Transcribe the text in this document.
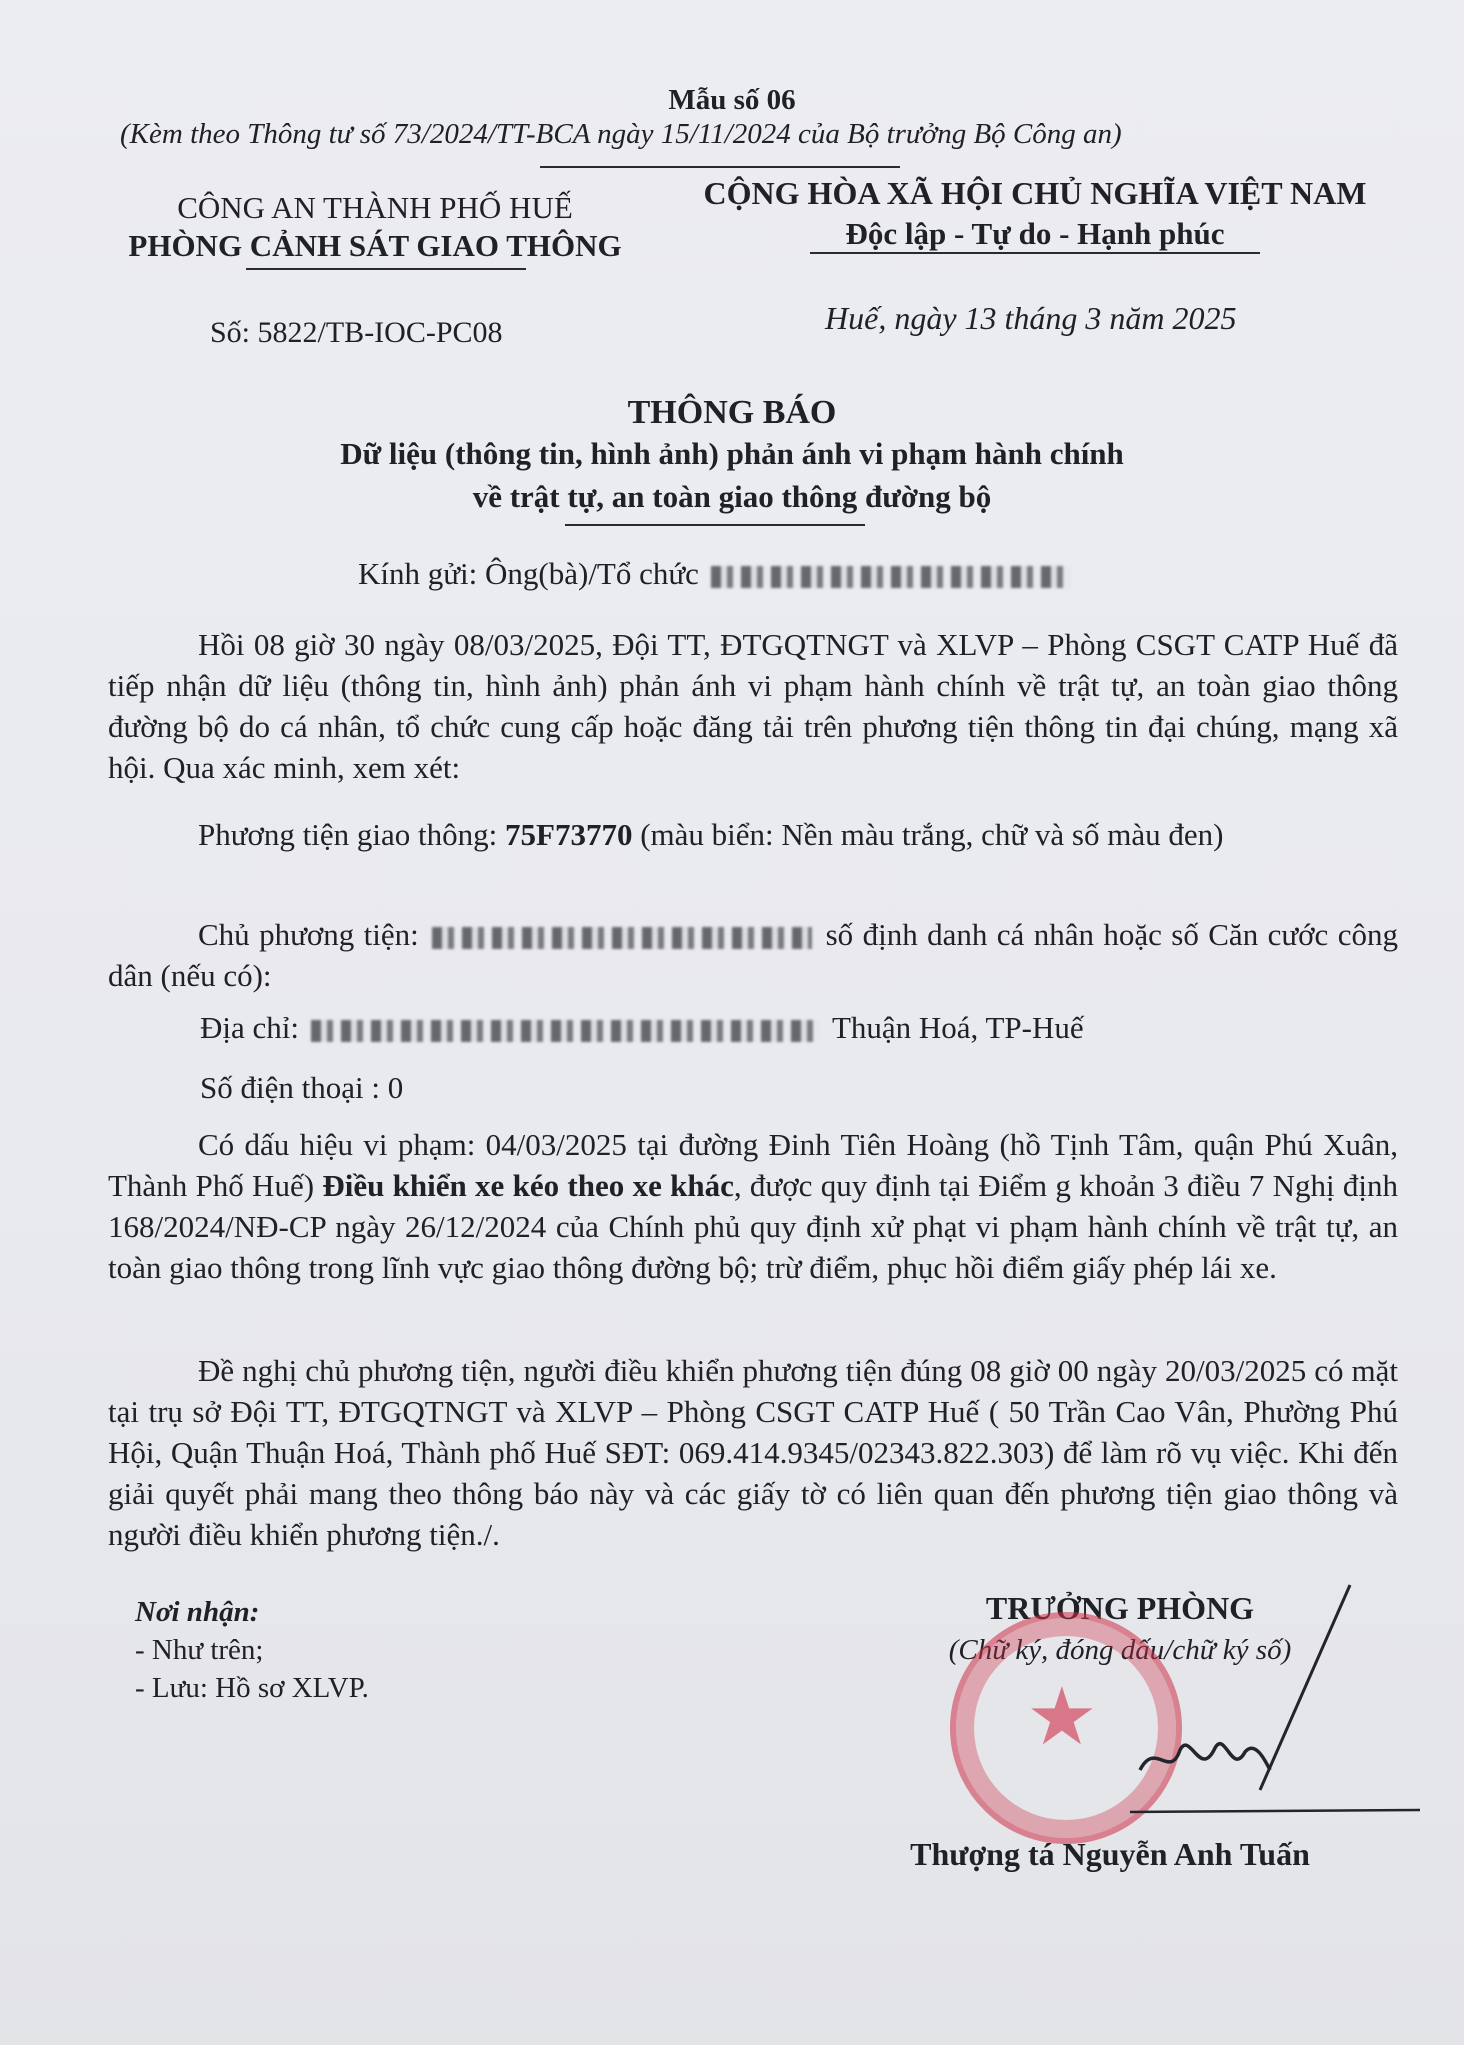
Mẫu số 06
(Kèm theo Thông tư số 73/2024/TT-BCA ngày 15/11/2024 của Bộ trưởng Bộ Công an)
CÔNG AN THÀNH PHỐ HUẾ
PHÒNG CẢNH SÁT GIAO THÔNG
CỘNG HÒA XÃ HỘI CHỦ NGHĨA VIỆT NAM
Độc lập - Tự do - Hạnh phúc
Số: 5822/TB-IOC-PC08	Huế, ngày 13 tháng 3 năm 2025
THÔNG BÁO
Dữ liệu (thông tin, hình ảnh) phản ánh vi phạm hành chính
về trật tự, an toàn giao thông đường bộ
Kính gửi: Ông(bà)/Tổ chức
Hồi 08 giờ 30 ngày 08/03/2025, Đội TT, ĐTGQTNGT và XLVP – Phòng CSGT CATP Huế đã tiếp nhận dữ liệu (thông tin, hình ảnh) phản ánh vi phạm hành chính về trật tự, an toàn giao thông đường bộ do cá nhân, tổ chức cung cấp hoặc đăng tải trên phương tiện thông tin đại chúng, mạng xã hội. Qua xác minh, xem xét:
Phương tiện giao thông: 75F73770 (màu biển: Nền màu trắng, chữ và số màu đen)
Chủ phương tiện:	số định danh cá nhân hoặc số Căn cước công dân (nếu có):
Địa chỉ:	Thuận Hoá, TP-Huế
Số điện thoại : 0
Có dấu hiệu vi phạm: 04/03/2025 tại đường Đinh Tiên Hoàng (hồ Tịnh Tâm, quận Phú Xuân, Thành Phố Huế) Điều khiển xe kéo theo xe khác, được quy định tại Điểm g khoản 3 điều 7 Nghị định 168/2024/NĐ-CP ngày 26/12/2024 của Chính phủ quy định xử phạt vi phạm hành chính về trật tự, an toàn giao thông trong lĩnh vực giao thông đường bộ; trừ điểm, phục hồi điểm giấy phép lái xe.
Đề nghị chủ phương tiện, người điều khiển phương tiện đúng 08 giờ 00 ngày 20/03/2025 có mặt tại trụ sở Đội TT, ĐTGQTNGT và XLVP – Phòng CSGT CATP Huế ( 50 Trần Cao Vân, Phường Phú Hội, Quận Thuận Hoá, Thành phố Huế SĐT: 069.414.9345/02343.822.303) để làm rõ vụ việc. Khi đến giải quyết phải mang theo thông báo này và các giấy tờ có liên quan đến phương tiện giao thông và người điều khiển phương tiện./.
Nơi nhận:
- Như trên;
- Lưu: Hồ sơ XLVP.
TRƯỞNG PHÒNG
(Chữ ký, đóng dấu/chữ ký số)
★
Thượng tá Nguyễn Anh Tuấn
